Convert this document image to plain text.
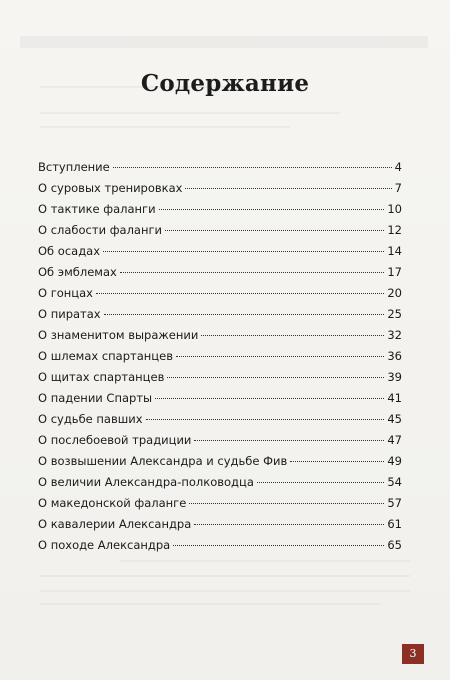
Содержание
Вступление	4
О суровых тренировках	7
О тактике фаланги	10
О слабости фаланги	12
Об осадах	14
Об эмблемах	17
О гонцах	20
О пиратах	25
О знаменитом выражении	32
О шлемах спартанцев	36
О щитах спартанцев	39
О падении Спарты	41
О судьбе павших	45
О послебоевой традиции	47
О возвышении Александра и судьбе Фив	49
О величии Александра-полководца	54
О македонской фаланге	57
О кавалерии Александра	61
О походе Александра	65
3
